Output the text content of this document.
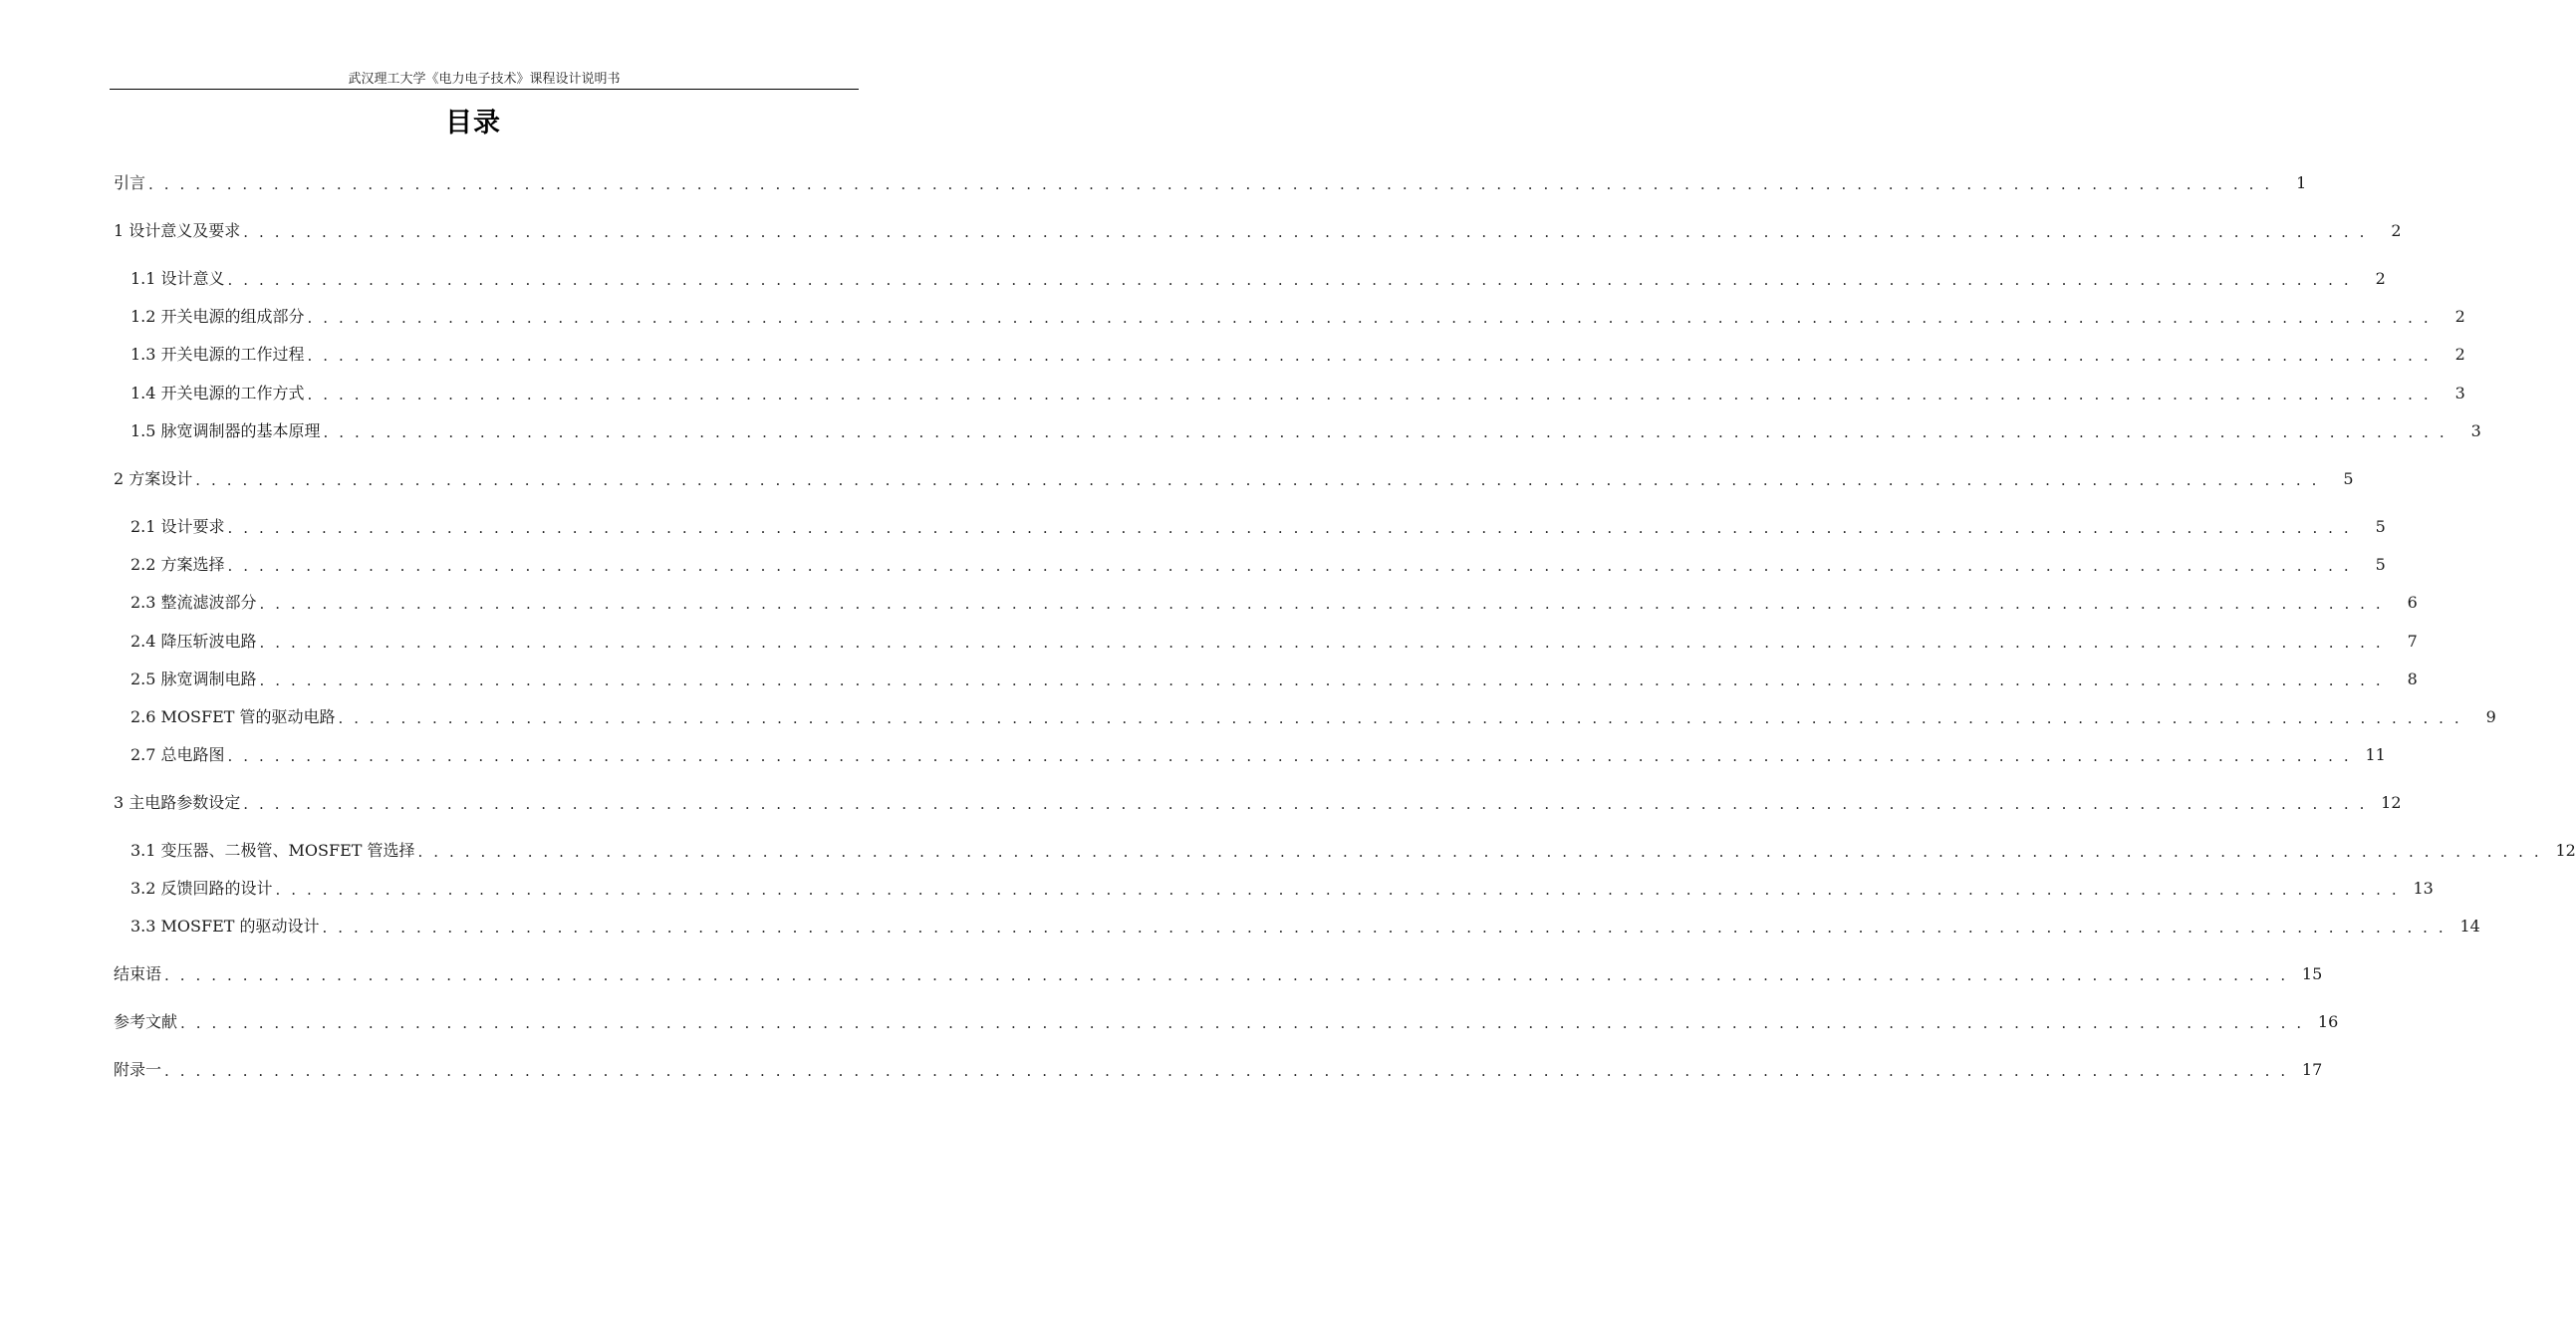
武汉理工大学《电力电子技术》课程设计说明书
目录
引言 . . . . . . . . . . . . . . . . . . . . . . . . . . . . . . . . . . . . . . . . . . . . . . . . . . . . . . . . . . . . . . . . . . . . . . . . . . . . . . . . . . . . . . . . . . . . . . . . . . . . . . . . . . . . . . . . . . . . . . . . . . . . . . . . . . . . . . . .	1
1 设计意义及要求 . . . . . . . . . . . . . . . . . . . . . . . . . . . . . . . . . . . . . . . . . . . . . . . . . . . . . . . . . . . . . . . . . . . . . . . . . . . . . . . . . . . . . . . . . . . . . . . . . . . . . . . . . . . . . . . . . . . . . . . . . . . . . . . . . . . . . . . .	2
1.1 设计意义 . . . . . . . . . . . . . . . . . . . . . . . . . . . . . . . . . . . . . . . . . . . . . . . . . . . . . . . . . . . . . . . . . . . . . . . . . . . . . . . . . . . . . . . . . . . . . . . . . . . . . . . . . . . . . . . . . . . . . . . . . . . . . . . . . . . . . . . .	2
1.2 开关电源的组成部分 . . . . . . . . . . . . . . . . . . . . . . . . . . . . . . . . . . . . . . . . . . . . . . . . . . . . . . . . . . . . . . . . . . . . . . . . . . . . . . . . . . . . . . . . . . . . . . . . . . . . . . . . . . . . . . . . . . . . . . . . . . . . . . . . . . . . . . . .	2
1.3 开关电源的工作过程 . . . . . . . . . . . . . . . . . . . . . . . . . . . . . . . . . . . . . . . . . . . . . . . . . . . . . . . . . . . . . . . . . . . . . . . . . . . . . . . . . . . . . . . . . . . . . . . . . . . . . . . . . . . . . . . . . . . . . . . . . . . . . . . . . . . . . . . .	2
1.4 开关电源的工作方式 . . . . . . . . . . . . . . . . . . . . . . . . . . . . . . . . . . . . . . . . . . . . . . . . . . . . . . . . . . . . . . . . . . . . . . . . . . . . . . . . . . . . . . . . . . . . . . . . . . . . . . . . . . . . . . . . . . . . . . . . . . . . . . . . . . . . . . . .	3
1.5 脉宽调制器的基本原理 . . . . . . . . . . . . . . . . . . . . . . . . . . . . . . . . . . . . . . . . . . . . . . . . . . . . . . . . . . . . . . . . . . . . . . . . . . . . . . . . . . . . . . . . . . . . . . . . . . . . . . . . . . . . . . . . . . . . . . . . . . . . . . . . . . . . . . . .	3
2 方案设计 . . . . . . . . . . . . . . . . . . . . . . . . . . . . . . . . . . . . . . . . . . . . . . . . . . . . . . . . . . . . . . . . . . . . . . . . . . . . . . . . . . . . . . . . . . . . . . . . . . . . . . . . . . . . . . . . . . . . . . . . . . . . . . . . . . . . . . . .	5
2.1 设计要求 . . . . . . . . . . . . . . . . . . . . . . . . . . . . . . . . . . . . . . . . . . . . . . . . . . . . . . . . . . . . . . . . . . . . . . . . . . . . . . . . . . . . . . . . . . . . . . . . . . . . . . . . . . . . . . . . . . . . . . . . . . . . . . . . . . . . . . . .	5
2.2 方案选择 . . . . . . . . . . . . . . . . . . . . . . . . . . . . . . . . . . . . . . . . . . . . . . . . . . . . . . . . . . . . . . . . . . . . . . . . . . . . . . . . . . . . . . . . . . . . . . . . . . . . . . . . . . . . . . . . . . . . . . . . . . . . . . . . . . . . . . . .	5
2.3 整流滤波部分 . . . . . . . . . . . . . . . . . . . . . . . . . . . . . . . . . . . . . . . . . . . . . . . . . . . . . . . . . . . . . . . . . . . . . . . . . . . . . . . . . . . . . . . . . . . . . . . . . . . . . . . . . . . . . . . . . . . . . . . . . . . . . . . . . . . . . . . .	6
2.4 降压斩波电路 . . . . . . . . . . . . . . . . . . . . . . . . . . . . . . . . . . . . . . . . . . . . . . . . . . . . . . . . . . . . . . . . . . . . . . . . . . . . . . . . . . . . . . . . . . . . . . . . . . . . . . . . . . . . . . . . . . . . . . . . . . . . . . . . . . . . . . . .	7
2.5 脉宽调制电路 . . . . . . . . . . . . . . . . . . . . . . . . . . . . . . . . . . . . . . . . . . . . . . . . . . . . . . . . . . . . . . . . . . . . . . . . . . . . . . . . . . . . . . . . . . . . . . . . . . . . . . . . . . . . . . . . . . . . . . . . . . . . . . . . . . . . . . . .	8
2.6 MOSFET 管的驱动电路 . . . . . . . . . . . . . . . . . . . . . . . . . . . . . . . . . . . . . . . . . . . . . . . . . . . . . . . . . . . . . . . . . . . . . . . . . . . . . . . . . . . . . . . . . . . . . . . . . . . . . . . . . . . . . . . . . . . . . . . . . . . . . . . . . . . . . . . .	9
2.7 总电路图 . . . . . . . . . . . . . . . . . . . . . . . . . . . . . . . . . . . . . . . . . . . . . . . . . . . . . . . . . . . . . . . . . . . . . . . . . . . . . . . . . . . . . . . . . . . . . . . . . . . . . . . . . . . . . . . . . . . . . . . . . . . . . . . . . . . . . . . . 11
3 主电路参数设定 . . . . . . . . . . . . . . . . . . . . . . . . . . . . . . . . . . . . . . . . . . . . . . . . . . . . . . . . . . . . . . . . . . . . . . . . . . . . . . . . . . . . . . . . . . . . . . . . . . . . . . . . . . . . . . . . . . . . . . . . . . . . . . . . . . . . . . . . 12
3.1 变压器、二极管、MOSFET 管选择 . . . . . . . . . . . . . . . . . . . . . . . . . . . . . . . . . . . . . . . . . . . . . . . . . . . . . . . . . . . . . . . . . . . . . . . . . . . . . . . . . . . . . . . . . . . . . . . . . . . . . . . . . . . . . . . . . . . . . . . . . . . . . . . . . . . . . . . . 12
3.2 反馈回路的设计 . . . . . . . . . . . . . . . . . . . . . . . . . . . . . . . . . . . . . . . . . . . . . . . . . . . . . . . . . . . . . . . . . . . . . . . . . . . . . . . . . . . . . . . . . . . . . . . . . . . . . . . . . . . . . . . . . . . . . . . . . . . . . . . . . . . . . . . . 13
3.3 MOSFET 的驱动设计 . . . . . . . . . . . . . . . . . . . . . . . . . . . . . . . . . . . . . . . . . . . . . . . . . . . . . . . . . . . . . . . . . . . . . . . . . . . . . . . . . . . . . . . . . . . . . . . . . . . . . . . . . . . . . . . . . . . . . . . . . . . . . . . . . . . . . . . . 14
结束语 . . . . . . . . . . . . . . . . . . . . . . . . . . . . . . . . . . . . . . . . . . . . . . . . . . . . . . . . . . . . . . . . . . . . . . . . . . . . . . . . . . . . . . . . . . . . . . . . . . . . . . . . . . . . . . . . . . . . . . . . . . . . . . . . . . . . . . . . 15
参考文献 . . . . . . . . . . . . . . . . . . . . . . . . . . . . . . . . . . . . . . . . . . . . . . . . . . . . . . . . . . . . . . . . . . . . . . . . . . . . . . . . . . . . . . . . . . . . . . . . . . . . . . . . . . . . . . . . . . . . . . . . . . . . . . . . . . . . . . . . 16
附录一 . . . . . . . . . . . . . . . . . . . . . . . . . . . . . . . . . . . . . . . . . . . . . . . . . . . . . . . . . . . . . . . . . . . . . . . . . . . . . . . . . . . . . . . . . . . . . . . . . . . . . . . . . . . . . . . . . . . . . . . . . . . . . . . . . . . . . . . . 17
